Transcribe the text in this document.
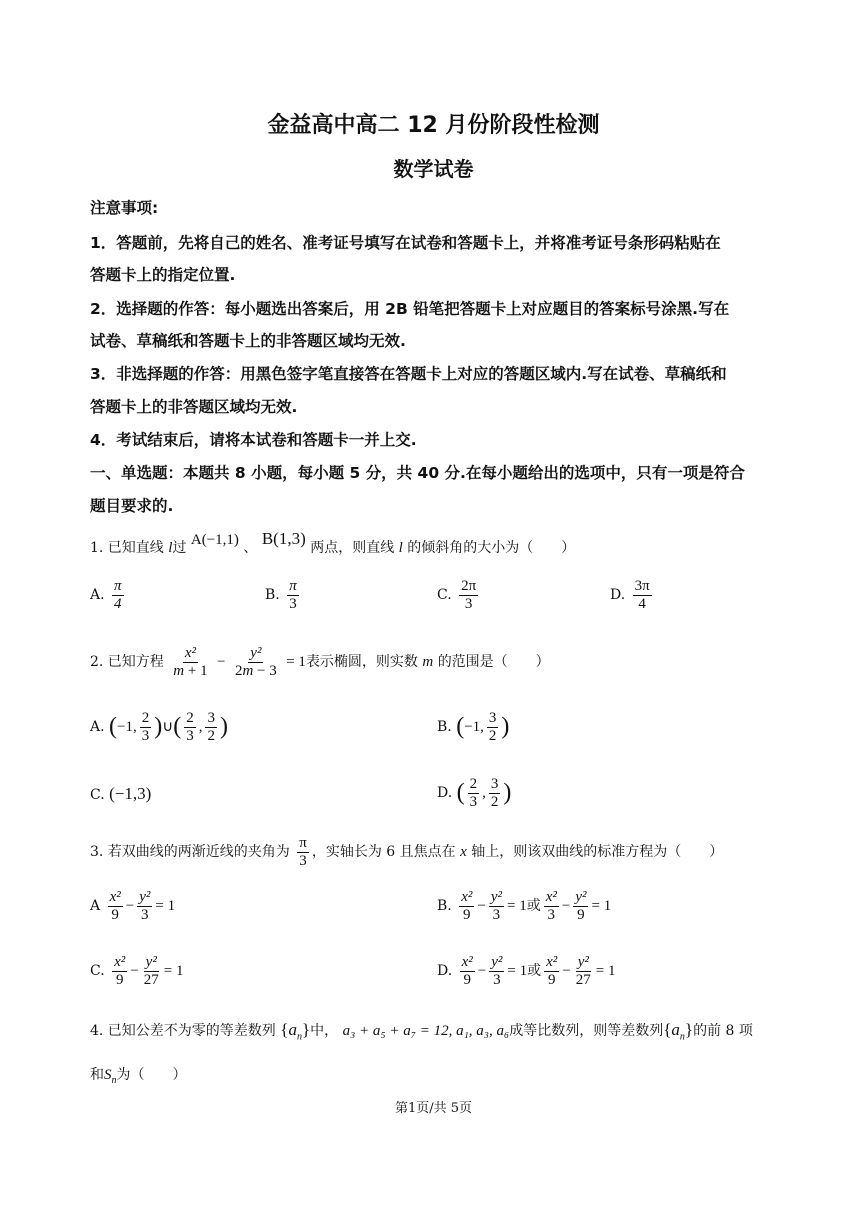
金益高中高二 12 月份阶段性检测
数学试卷
注意事项:
1．答题前，先将自己的姓名、准考证号填写在试卷和答题卡上，并将准考证号条形码粘贴在
答题卡上的指定位置.
2．选择题的作答：每小题选出答案后，用 2B 铅笔把答题卡上对应题目的答案标号涂黑.写在
试卷、草稿纸和答题卡上的非答题区域均无效.
3．非选择题的作答：用黑色签字笔直接答在答题卡上对应的答题区域内.写在试卷、草稿纸和
答题卡上的非答题区域均无效.
4．考试结束后，请将本试卷和答题卡一并上交.
一、单选题：本题共 8 小题，每小题 5 分，共 40 分.在每小题给出的选项中，只有一项是符合
题目要求的.
1. 已知直线 l过 A(−1,1) 、 B(1,3) 两点，则直线 l 的倾斜角的大小为（　　）
A. $\frac{\pi}{4}$	B. $\frac{\pi}{3}$	C. $\frac{2\pi}{3}$	D. $\frac{3\pi}{4}$
2. 已知方程 $\frac{\text{x²}}{m + 1} - \frac{\text{y²}}{2m - 3} = 1$表示椭圆，则实数 m 的范围是（　　）
A. (−1, $\frac{2}{3}$ )∪( $\frac{2}{3}$ , $\frac{3}{2}$ )	B. (−1, $\frac{3}{2}$ )
C. (−1,3)	D. ( $\frac{2}{3}$ , $\frac{3}{2}$ )
3. 若双曲线的两渐近线的夹角为 $\frac{\pi}{3}$ ，实轴长为 6 且焦点在 x 轴上，则该双曲线的标准方程为（　　）
A $\frac{\text{x²}}{9} - \frac{\text{y²}}{3} = 1$	B. $\frac{\text{x²}}{9} - \frac{\text{y²}}{3} = 1$或 $\frac{\text{x²}}{3} - \frac{\text{y²}}{9} = 1$
C. $\frac{\text{x²}}{9} - \frac{\text{y²}}{27} = 1$	D. $\frac{\text{x²}}{9} - \frac{\text{y²}}{3} = 1$或 $\frac{\text{x²}}{9} - \frac{\text{y²}}{27} = 1$
4. 已知公差不为零的等差数列 $\{a_n\}$中， a₃ + a₅ + a₇ = 12, a₁, a₃, a₆成等比数列，则等差数列$\{a_n\}$的前 8 项
和$S_n$为（　　）
第1页/共 5页
